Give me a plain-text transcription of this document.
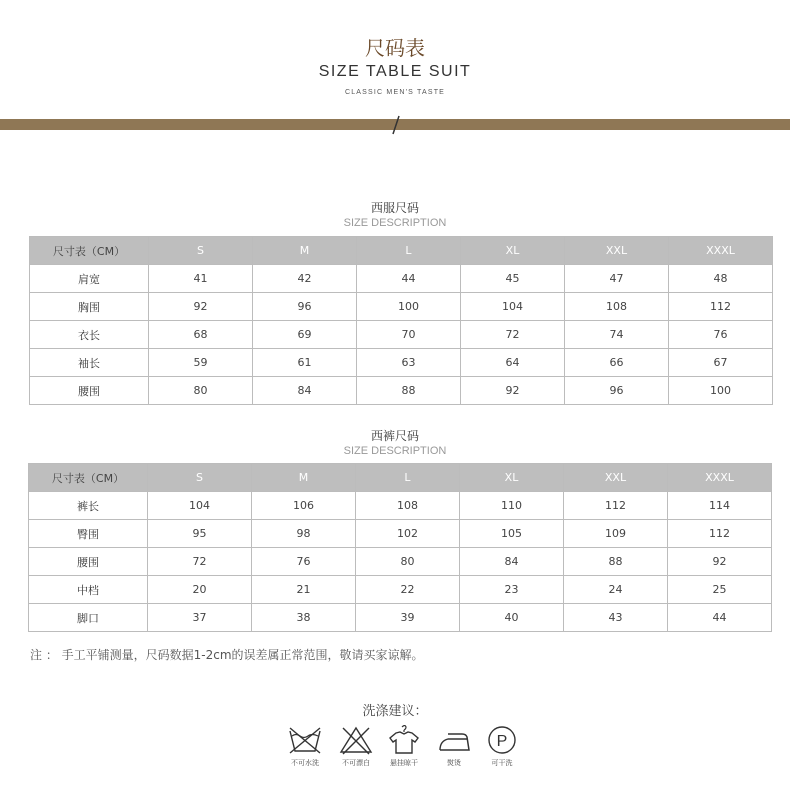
尺码表
SIZE TABLE SUIT
CLASSIC MEN'S TASTE
西服尺码
SIZE DESCRIPTION
尺寸表（CM）	S	M	L	XL	XXL	XXXL
肩宽	41	42	44	45	47	48
胸围	92	96	100	104	108	112
衣长	68	69	70	72	74	76
袖长	59	61	63	64	66	67
腰围	80	84	88	92	96	100
西裤尺码
SIZE DESCRIPTION
尺寸表（CM）	S	M	L	XL	XXL	XXXL
裤长	104	106	108	110	112	114
臀围	95	98	102	105	109	112
腰围	72	76	80	84	88	92
中档	20	21	22	23	24	25
脚口	37	38	39	40	43	44
注 ： 手工平铺测量，尺码数据1-2cm的误差属正常范围，敬请买家谅解。
洗涤建议：
不可水洗	不可漂白	悬挂晾干	熨烫
P
可干洗
